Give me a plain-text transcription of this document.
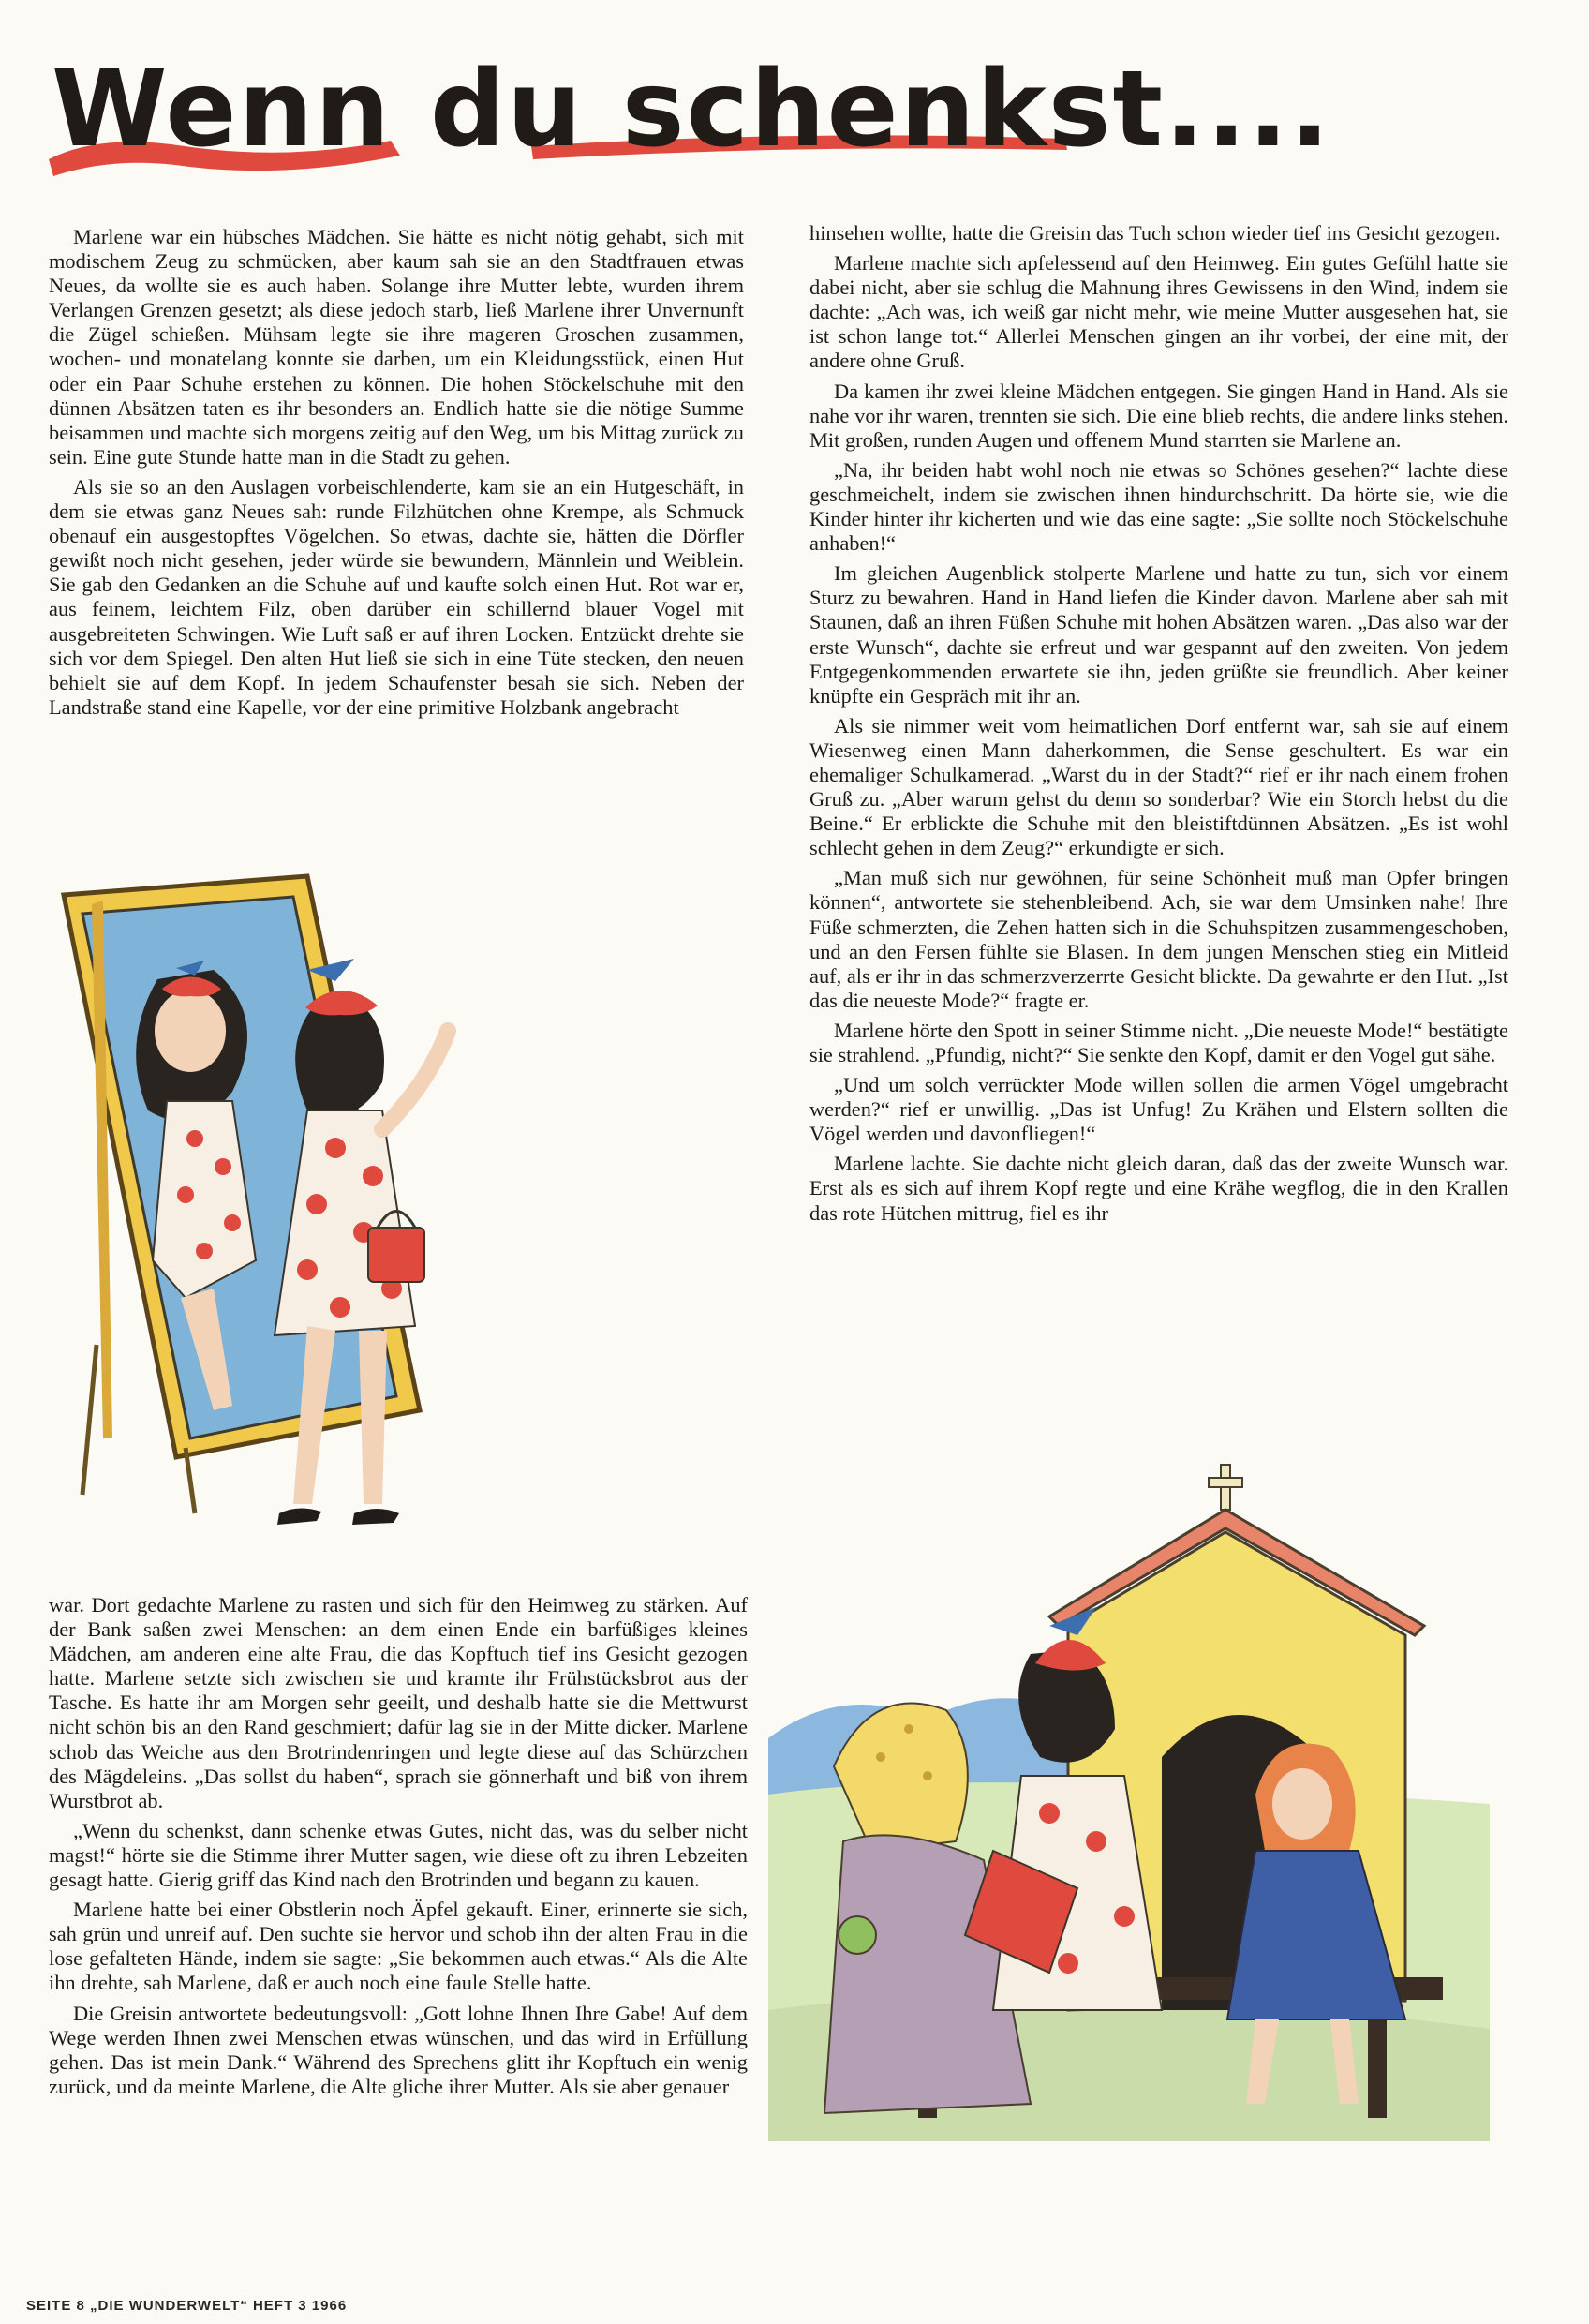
Wenn du schenkst....

Marlene war ein hübsches Mädchen. Sie hätte es nicht nötig gehabt, sich mit modischem Zeug zu schmücken, aber kaum sah sie an den Stadtfrauen etwas Neues, da wollte sie es auch haben. Solange ihre Mutter lebte, wurden ihrem Verlangen Grenzen gesetzt; als diese jedoch starb, ließ Marlene ihrer Unvernunft die Zügel schießen. Mühsam legte sie ihre mageren Groschen zusammen, wochen- und monatelang konnte sie darben, um ein Kleidungsstück, einen Hut oder ein Paar Schuhe erstehen zu können. Die hohen Stöckelschuhe mit den dünnen Absätzen taten es ihr besonders an. Endlich hatte sie die nötige Summe beisammen und machte sich morgens zeitig auf den Weg, um bis Mittag zurück zu sein. Eine gute Stunde hatte man in die Stadt zu gehen.

Als sie so an den Auslagen vorbeischlenderte, kam sie an ein Hutgeschäft, in dem sie etwas ganz Neues sah: runde Filzhütchen ohne Krempe, als Schmuck obenauf ein ausgestopftes Vögelchen. So etwas, dachte sie, hätten die Dörfler gewißt noch nicht gesehen, jeder würde sie bewundern, Männlein und Weiblein. Sie gab den Gedanken an die Schuhe auf und kaufte solch einen Hut. Rot war er, aus feinem, leichtem Filz, oben darüber ein schillernd blauer Vogel mit ausgebreiteten Schwingen. Wie Luft saß er auf ihren Locken. Entzückt drehte sie sich vor dem Spiegel. Den alten Hut ließ sie sich in eine Tüte stecken, den neuen behielt sie auf dem Kopf. In jedem Schaufenster besah sie sich. Neben der Landstraße stand eine Kapelle, vor der eine primitive Holzbank angebracht

hinsehen wollte, hatte die Greisin das Tuch schon wieder tief ins Gesicht gezogen.

Marlene machte sich apfelessend auf den Heimweg. Ein gutes Gefühl hatte sie dabei nicht, aber sie schlug die Mahnung ihres Gewissens in den Wind, indem sie dachte: „Ach was, ich weiß gar nicht mehr, wie meine Mutter ausgesehen hat, sie ist schon lange tot.“ Allerlei Menschen gingen an ihr vorbei, der eine mit, der andere ohne Gruß.

Da kamen ihr zwei kleine Mädchen entgegen. Sie gingen Hand in Hand. Als sie nahe vor ihr waren, trennten sie sich. Die eine blieb rechts, die andere links stehen. Mit großen, runden Augen und offenem Mund starrten sie Marlene an.

„Na, ihr beiden habt wohl noch nie etwas so Schönes gesehen?“ lachte diese geschmeichelt, indem sie zwischen ihnen hindurchschritt. Da hörte sie, wie die Kinder hinter ihr kicherten und wie das eine sagte: „Sie sollte noch Stöckelschuhe anhaben!“

Im gleichen Augenblick stolperte Marlene und hatte zu tun, sich vor einem Sturz zu bewahren. Hand in Hand liefen die Kinder davon. Marlene aber sah mit Staunen, daß an ihren Füßen Schuhe mit hohen Absätzen waren. „Das also war der erste Wunsch“, dachte sie erfreut und war gespannt auf den zweiten. Von jedem Entgegenkommenden erwartete sie ihn, jeden grüßte sie freundlich. Aber keiner knüpfte ein Gespräch mit ihr an.

Als sie nimmer weit vom heimatlichen Dorf entfernt war, sah sie auf einem Wiesenweg einen Mann daherkommen, die Sense geschultert. Es war ein ehemaliger Schulkamerad. „Warst du in der Stadt?“ rief er ihr nach einem frohen Gruß zu. „Aber warum gehst du denn so sonderbar? Wie ein Storch hebst du die Beine.“ Er erblickte die Schuhe mit den bleistiftdünnen Absätzen. „Es ist wohl schlecht gehen in dem Zeug?“ erkundigte er sich.

„Man muß sich nur gewöhnen, für seine Schönheit muß man Opfer bringen können“, antwortete sie stehenbleibend. Ach, sie war dem Umsinken nahe! Ihre Füße schmerzten, die Zehen hatten sich in die Schuhspitzen zusammengeschoben, und an den Fersen fühlte sie Blasen. In dem jungen Menschen stieg ein Mitleid auf, als er ihr in das schmerzverzerrte Gesicht blickte. Da gewahrte er den Hut. „Ist das die neueste Mode?“ fragte er.

Marlene hörte den Spott in seiner Stimme nicht. „Die neueste Mode!“ bestätigte sie strahlend. „Pfundig, nicht?“ Sie senkte den Kopf, damit er den Vogel gut sähe.

„Und um solch verrückter Mode willen sollen die armen Vögel umgebracht werden?“ rief er unwillig. „Das ist Unfug! Zu Krähen und Elstern sollten die Vögel werden und davonfliegen!“

Marlene lachte. Sie dachte nicht gleich daran, daß das der zweite Wunsch war. Erst als es sich auf ihrem Kopf regte und eine Krähe wegflog, die in den Krallen das rote Hütchen mittrug, fiel es ihr

war. Dort gedachte Marlene zu rasten und sich für den Heimweg zu stärken. Auf der Bank saßen zwei Menschen: an dem einen Ende ein barfüßiges kleines Mädchen, am anderen eine alte Frau, die das Kopftuch tief ins Gesicht gezogen hatte. Marlene setzte sich zwischen sie und kramte ihr Frühstücksbrot aus der Tasche. Es hatte ihr am Morgen sehr geeilt, und deshalb hatte sie die Mettwurst nicht schön bis an den Rand geschmiert; dafür lag sie in der Mitte dicker. Marlene schob das Weiche aus den Brotrindenringen und legte diese auf das Schürzchen des Mägdeleins. „Das sollst du haben“, sprach sie gönnerhaft und biß von ihrem Wurstbrot ab.

„Wenn du schenkst, dann schenke etwas Gutes, nicht das, was du selber nicht magst!“ hörte sie die Stimme ihrer Mutter sagen, wie diese oft zu ihren Lebzeiten gesagt hatte. Gierig griff das Kind nach den Brotrinden und begann zu kauen.

Marlene hatte bei einer Obstlerin noch Äpfel gekauft. Einer, erinnerte sie sich, sah grün und unreif auf. Den suchte sie hervor und schob ihn der alten Frau in die lose gefalteten Hände, indem sie sagte: „Sie bekommen auch etwas.“ Als die Alte ihn drehte, sah Marlene, daß er auch noch eine faule Stelle hatte.

Die Greisin antwortete bedeutungsvoll: „Gott lohne Ihnen Ihre Gabe! Auf dem Wege werden Ihnen zwei Menschen etwas wünschen, und das wird in Erfüllung gehen. Das ist mein Dank.“ Während des Sprechens glitt ihr Kopftuch ein wenig zurück, und da meinte Marlene, die Alte gliche ihrer Mutter. Als sie aber genauer

SEITE 8 „DIE WUNDERWELT“ HEFT 3 1966
